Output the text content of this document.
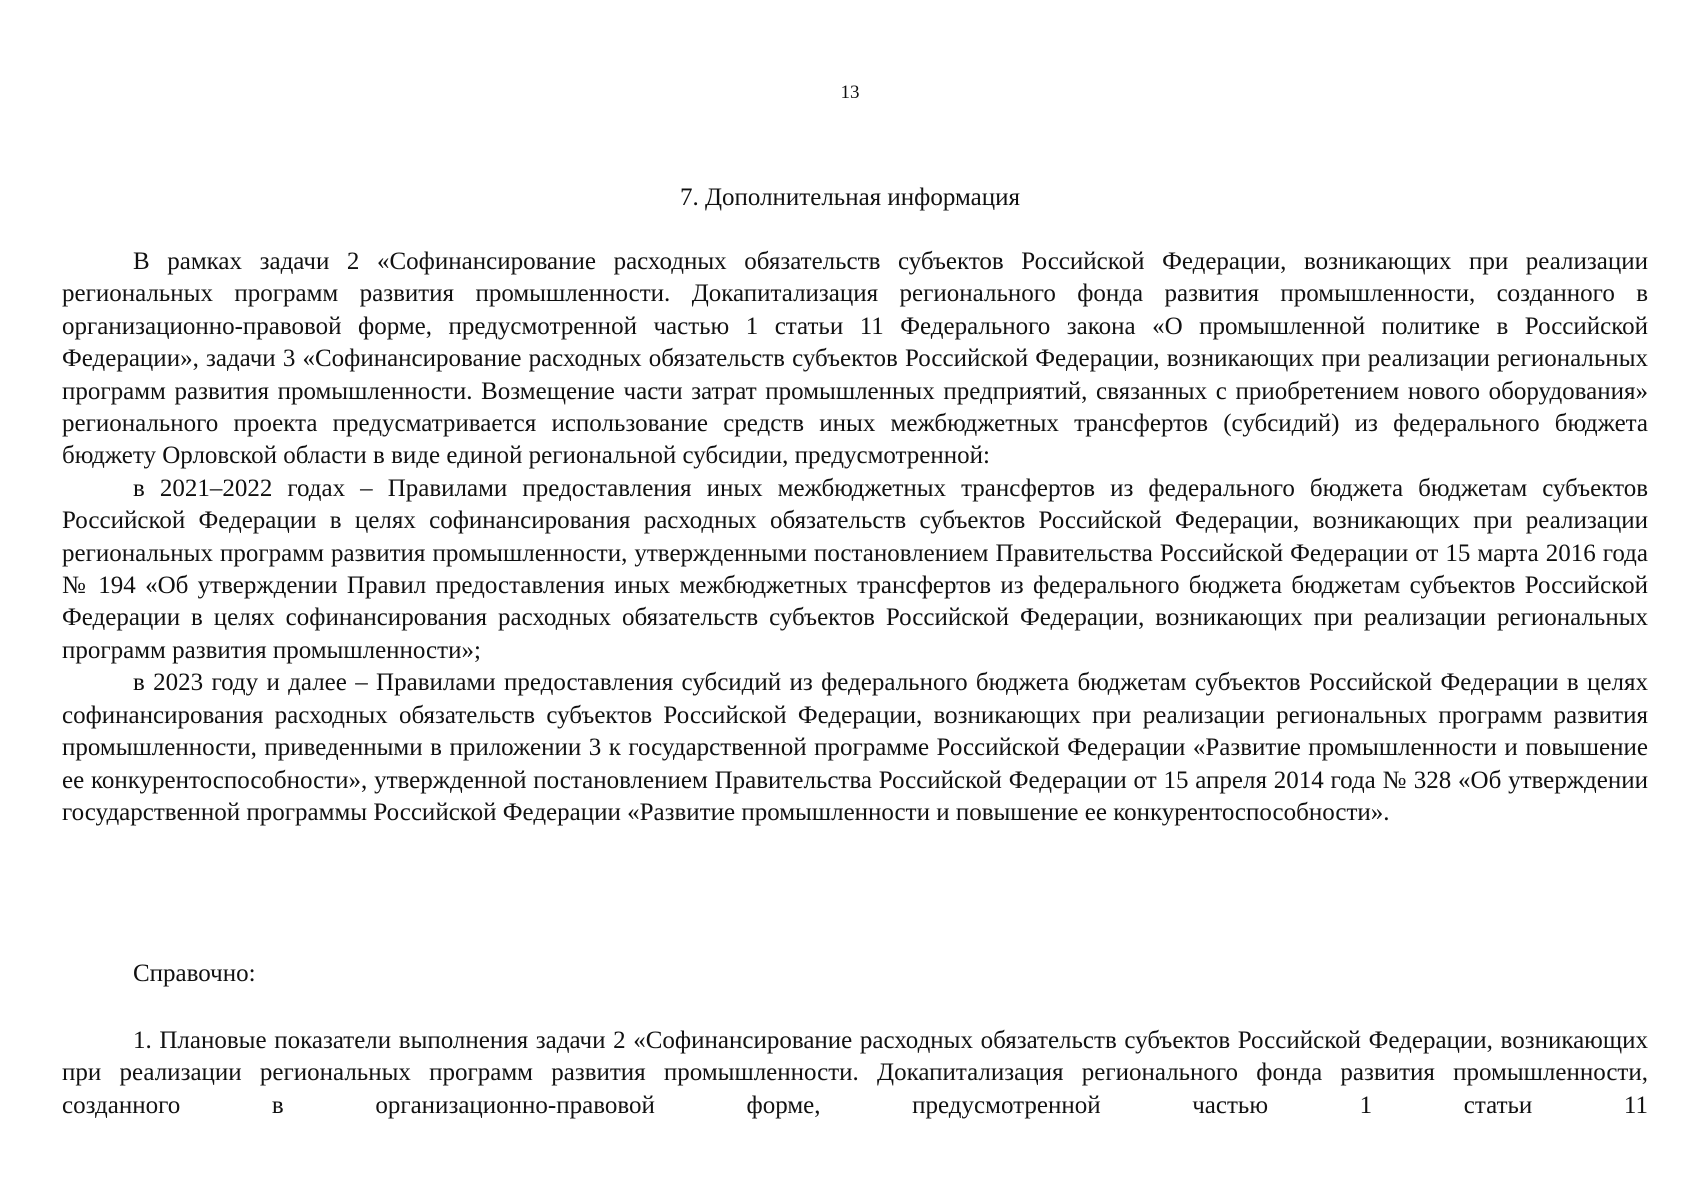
13
7. Дополнительная информация

В рамках задачи 2 «Софинансирование расходных обязательств субъектов Российской Федерации, возникающих при реализации региональных программ развития промышленности. Докапитализация регионального фонда развития промышленности, созданного в организационно-правовой форме, предусмотренной частью 1 статьи 11 Федерального закона «О промышленной политике в Российской Федерации», задачи 3 «Софинансирование расходных обязательств субъектов Российской Федерации, возникающих при реализации региональных программ развития промышленности. Возмещение части затрат промышленных предприятий, связанных с приобретением нового оборудования» регионального проекта предусматривается использование средств иных межбюджетных трансфертов (субсидий) из федерального бюджета бюджету Орловской области в виде единой региональной субсидии, предусмотренной:

в 2021–2022 годах – Правилами предоставления иных межбюджетных трансфертов из федерального бюджета бюджетам субъектов Российской Федерации в целях софинансирования расходных обязательств субъектов Российской Федерации, возникающих при реализации региональных программ развития промышленности, утвержденными постановлением Правительства Российской Федерации от 15 марта 2016 года № 194 «Об утверждении Правил предоставления иных межбюджетных трансфертов из федерального бюджета бюджетам субъектов Российской Федерации в целях софинансирования расходных обязательств субъектов Российской Федерации, возникающих при реализации региональных программ развития промышленности»;

в 2023 году и далее – Правилами предоставления субсидий из федерального бюджета бюджетам субъектов Российской Федерации в целях софинансирования расходных обязательств субъектов Российской Федерации, возникающих при реализации региональных программ развития промышленности, приведенными в приложении 3 к государственной программе Российской Федерации «Развитие промышленности и повышение ее конкурентоспособности», утвержденной постановлением Правительства Российской Федерации от 15 апреля 2014 года № 328 «Об утверждении государственной программы Российской Федерации «Развитие промышленности и повышение ее конкурентоспособности».

Справочно:

1. Плановые показатели выполнения задачи 2 «Софинансирование расходных обязательств субъектов Российской Федерации, возникающих при реализации региональных программ развития промышленности. Докапитализация регионального фонда развития промышленности, созданного в организационно-правовой форме, предусмотренной частью 1 статьи 11
